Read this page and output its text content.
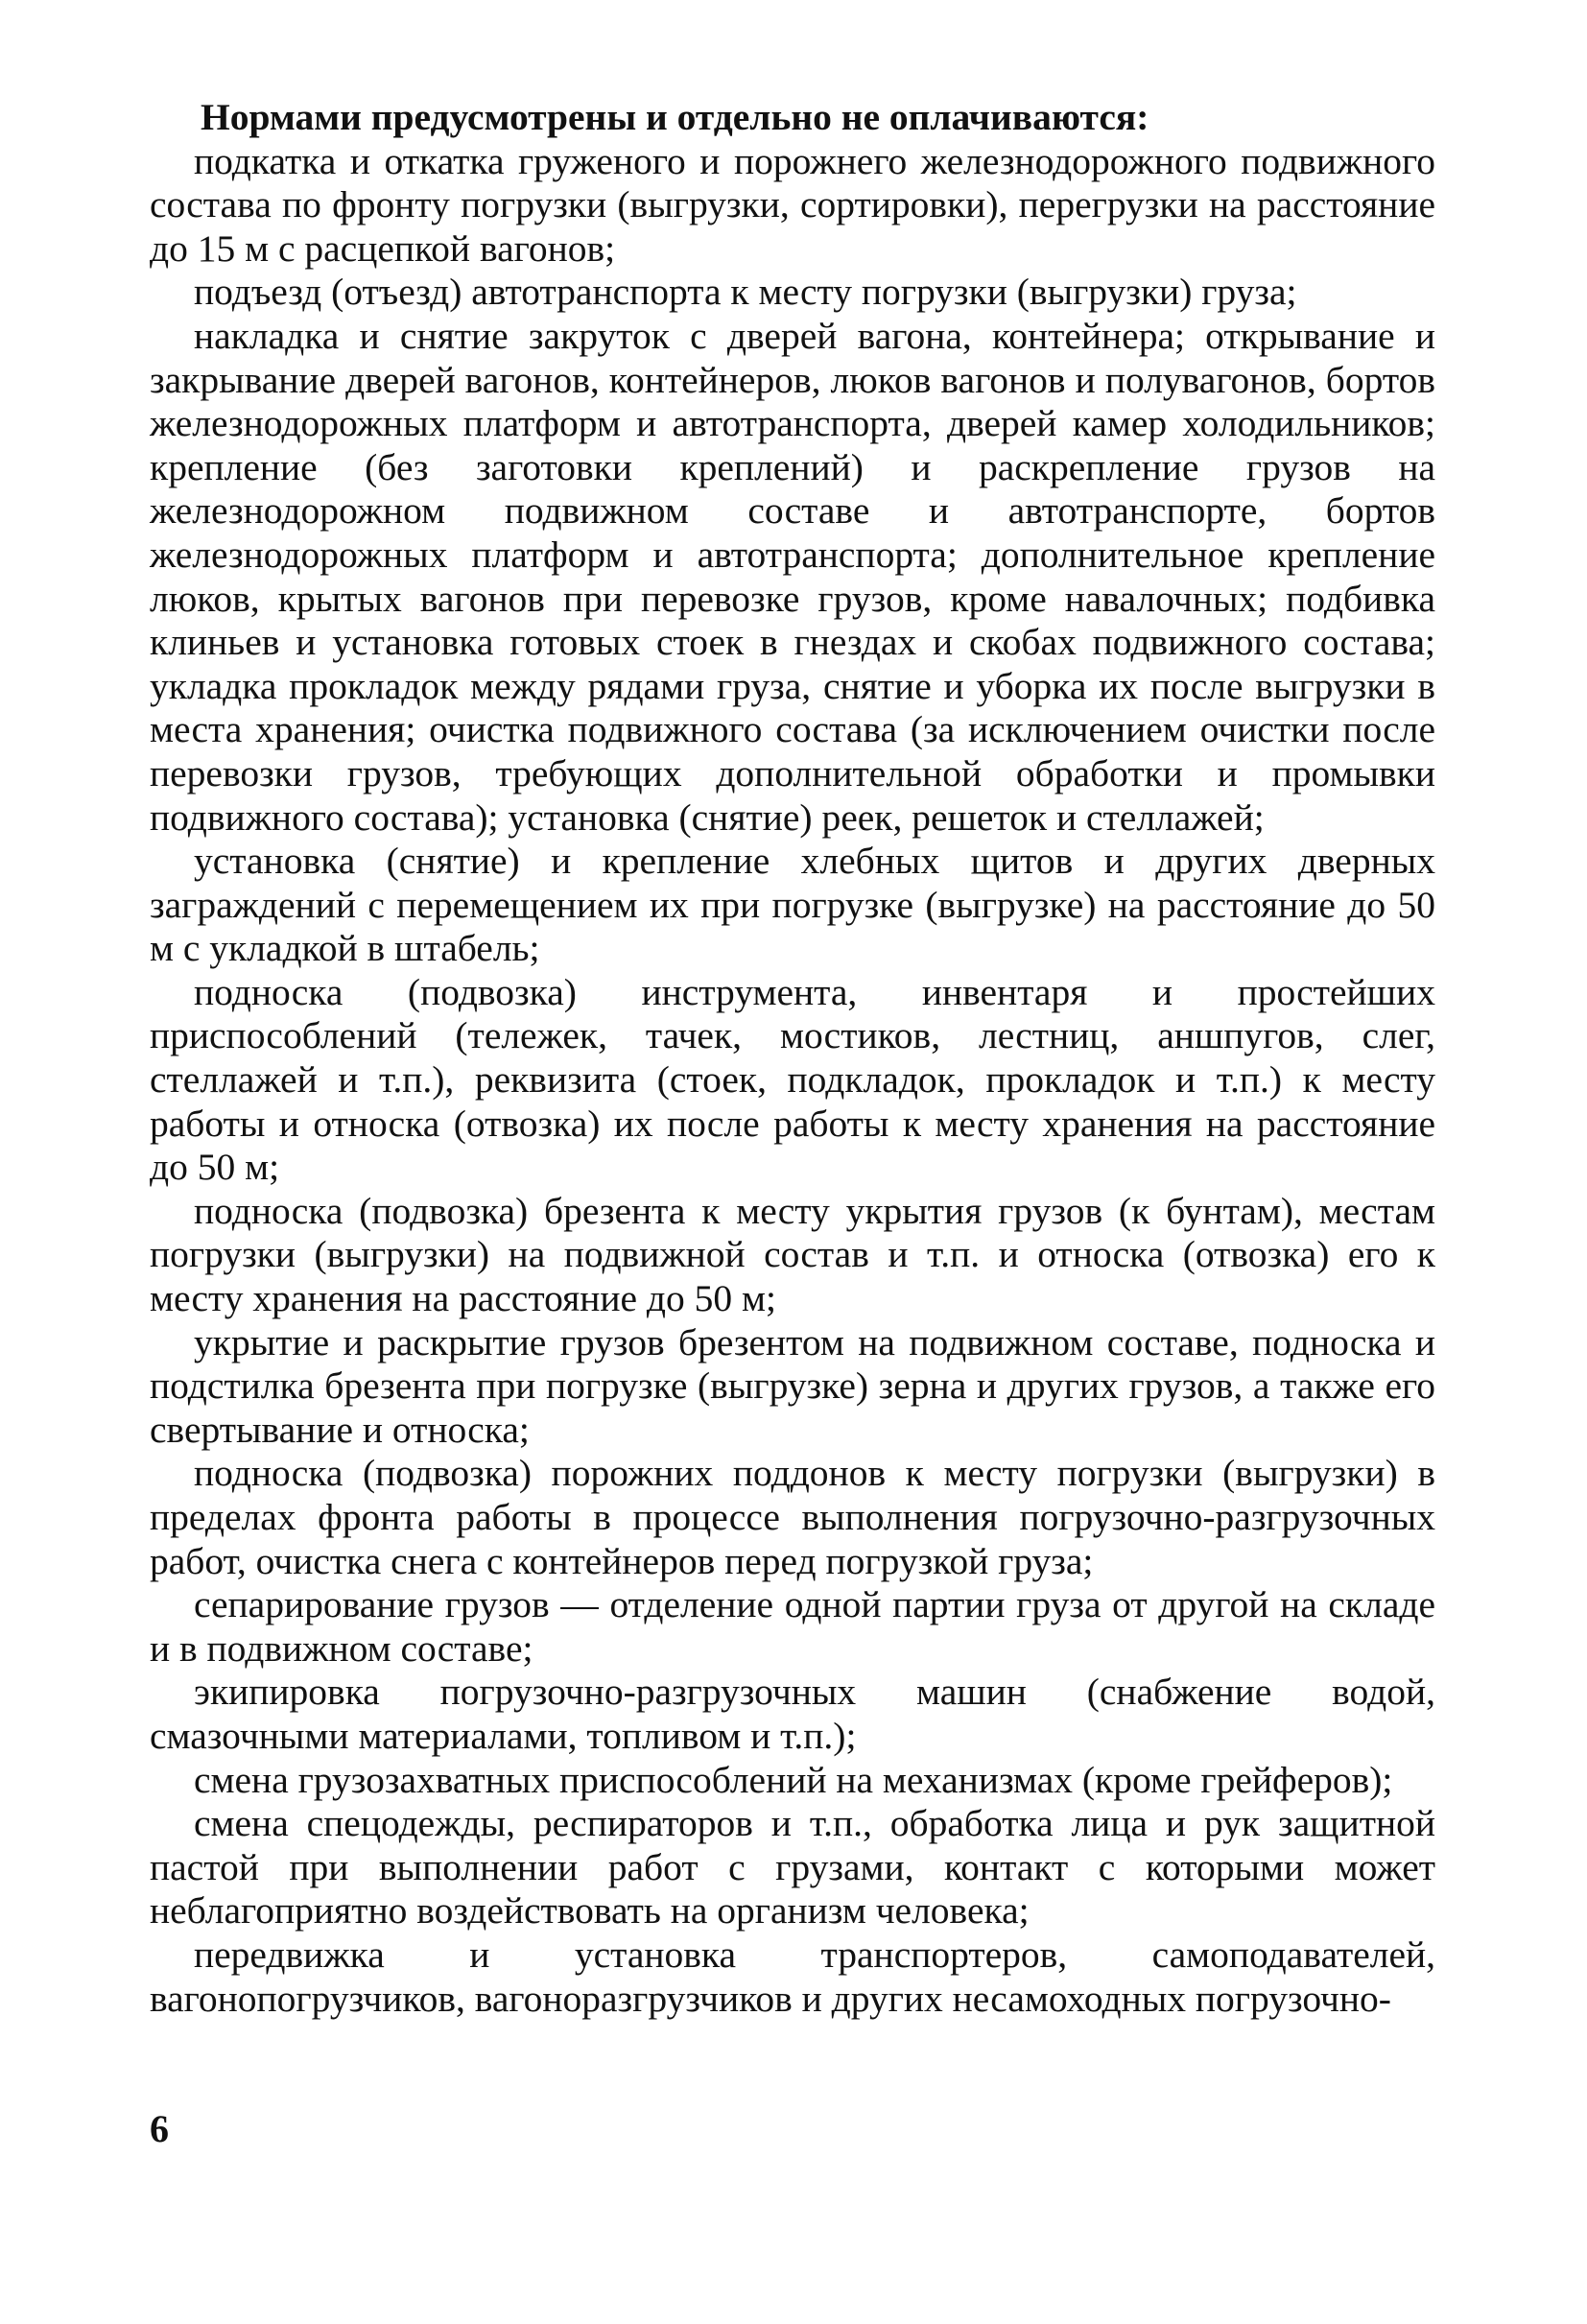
Нормами предусмотрены и отдельно не оплачиваются:

подкатка и откатка груженого и порожнего железнодорожного подвижного состава по фронту погрузки (выгрузки, сортировки), перегрузки на расстояние до 15 м с расцепкой вагонов;

подъезд (отъезд) автотранспорта к месту погрузки (выгрузки) груза;

накладка и снятие закруток с дверей вагона, контейнера; открывание и закрывание дверей вагонов, контейнеров, люков вагонов и полувагонов, бортов железнодорожных платформ и автотранспорта, дверей камер холодильников; крепление (без заготовки креплений) и раскрепление грузов на железнодорожном подвижном составе и автотранспорте, бортов железнодорожных платформ и автотранспорта; дополнительное крепление люков, крытых вагонов при перевозке грузов, кроме навалочных; подбивка клиньев и установка готовых стоек в гнездах и скобах подвижного состава; укладка прокладок между рядами груза, снятие и уборка их после выгрузки в места хранения; очистка подвижного состава (за исключением очистки после перевозки грузов, требующих дополнительной обработки и промывки подвижного состава); установка (снятие) реек, решеток и стеллажей;

установка (снятие) и крепление хлебных щитов и других дверных заграждений с перемещением их при погрузке (выгрузке) на расстояние до 50 м с укладкой в штабель;

подноска (подвозка) инструмента, инвентаря и простейших приспособлений (тележек, тачек, мостиков, лестниц, аншпугов, слег, стеллажей и т.п.), реквизита (стоек, подкладок, прокладок и т.п.) к месту работы и относка (отвозка) их после работы к месту хранения на расстояние до 50 м;

подноска (подвозка) брезента к месту укрытия грузов (к бунтам), местам погрузки (выгрузки) на подвижной состав и т.п. и относка (отвозка) его к месту хранения на расстояние до 50 м;

укрытие и раскрытие грузов брезентом на подвижном составе, подноска и подстилка брезента при погрузке (выгрузке) зерна и других грузов, а также его свертывание и относка;

подноска (подвозка) порожних поддонов к месту погрузки (выгрузки) в пределах фронта работы в процессе выполнения погрузочно-разгрузочных работ, очистка снега с контейнеров перед погрузкой груза;

сепарирование грузов — отделение одной партии груза от другой на складе и в подвижном составе;

экипировка погрузочно-разгрузочных машин (снабжение водой, смазочными материалами, топливом и т.п.);

смена грузозахватных приспособлений на механизмах (кроме грейферов);

смена спецодежды, респираторов и т.п., обработка лица и рук защитной пастой при выполнении работ с грузами, контакт с которыми может неблагоприятно воздействовать на организм человека;

передвижка и установка транспортеров, самоподавателей, вагонопогрузчиков, вагоноразгрузчиков и других несамоходных погрузочно-

6
